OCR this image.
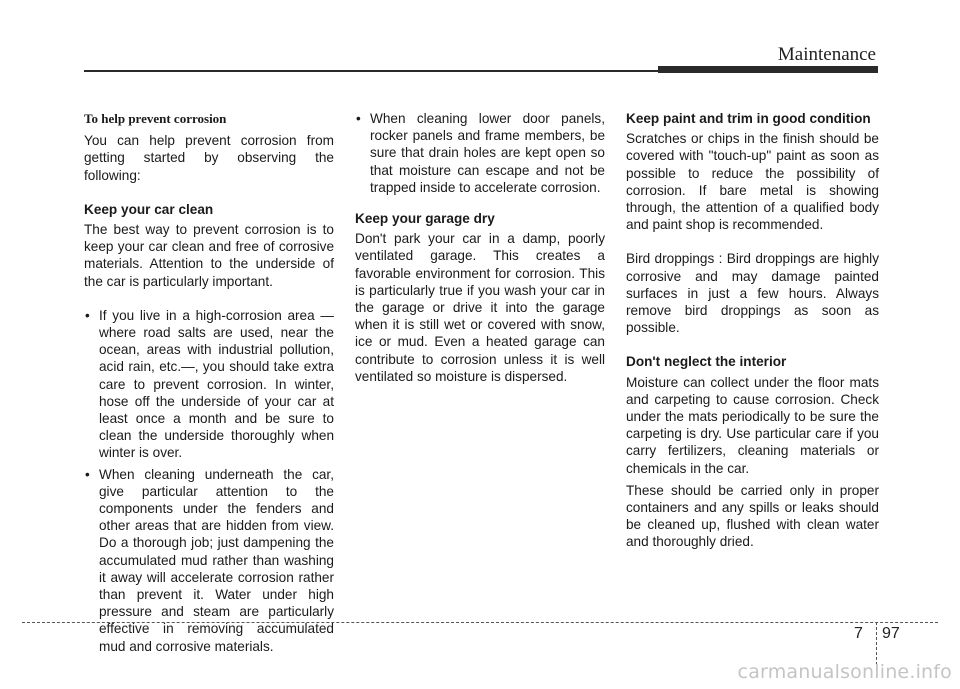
Maintenance
To help prevent corrosion

You can help prevent corrosion from getting started by observing the following:

Keep your car clean

The best way to prevent corrosion is to keep your car clean and free of corrosive materials. Attention to the underside of the car is particularly important.

• If you live in a high-corrosion area — where road salts are used, near the ocean, areas with industrial pollution, acid rain, etc.—, you should take extra care to prevent corrosion. In winter, hose off the underside of your car at least once a month and be sure to clean the underside thoroughly when winter is over.
• When cleaning underneath the car, give particular attention to the components under the fenders and other areas that are hidden from view. Do a thorough job; just dampening the accumulated mud rather than washing it away will accelerate corrosion rather than prevent it. Water under high pressure and steam are particularly effective in removing accumulated mud and corrosive materials.
• When cleaning lower door panels, rocker panels and frame members, be sure that drain holes are kept open so that moisture can escape and not be trapped inside to accelerate corrosion.
Keep your garage dry

Don't park your car in a damp, poorly ventilated garage. This creates a favorable environment for corrosion. This is particularly true if you wash your car in the garage or drive it into the garage when it is still wet or covered with snow, ice or mud. Even a heated garage can contribute to corrosion unless it is well ventilated so moisture is dispersed.

Keep paint and trim in good condition

Scratches or chips in the finish should be covered with "touch-up" paint as soon as possible to reduce the possibility of corrosion. If bare metal is showing through, the attention of a qualified body and paint shop is recommended.

Bird droppings : Bird droppings are highly corrosive and may damage painted surfaces in just a few hours. Always remove bird droppings as soon as possible.

Don't neglect the interior

Moisture can collect under the floor mats and carpeting to cause corrosion. Check under the mats periodically to be sure the carpeting is dry. Use particular care if you carry fertilizers, cleaning materials or chemicals in the car.

These should be carried only in proper containers and any spills or leaks should be cleaned up, flushed with clean water and thoroughly dried.

7 97
carmanualsonline.info
